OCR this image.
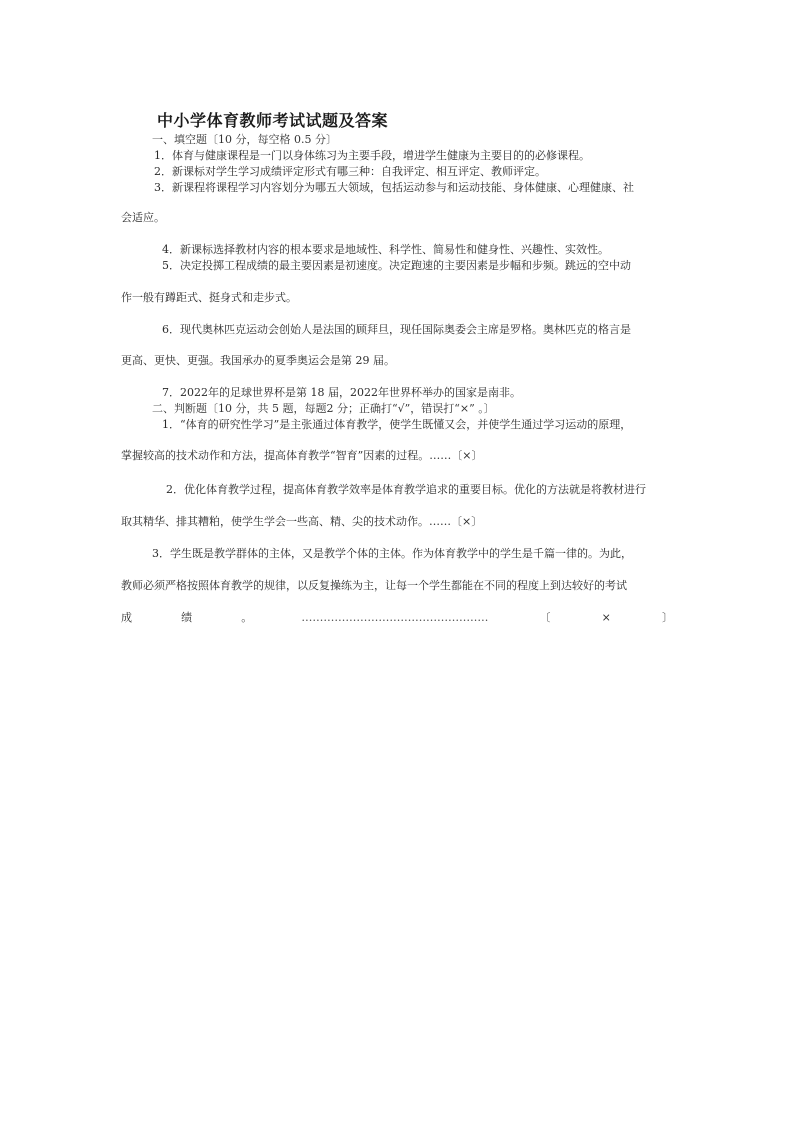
中小学体育教师考试试题及答案

一、填空题〔10 分，每空格 0.5 分〕

1．体育与健康课程是一门以身体练习为主要手段，增进学生健康为主要目的的必修课程。

2．新课标对学生学习成绩评定形式有哪三种：自我评定、相互评定、教师评定。

3．新课程将课程学习内容划分为哪五大领域，包括运动参与和运动技能、身体健康、心理健康、社

会适应。

4．新课标选择教材内容的根本要求是地域性、科学性、简易性和健身性、兴趣性、实效性。

5．决定投掷工程成绩的最主要因素是初速度。决定跑速的主要因素是步幅和步频。跳远的空中动

作一般有蹲距式、挺身式和走步式。

6．现代奥林匹克运动会创始人是法国的顾拜旦，现任国际奥委会主席是罗格。奥林匹克的格言是

更高、更快、更强。我国承办的夏季奥运会是第 29 届。

7．2022年的足球世界杯是第 18 届，2022年世界杯举办的国家是南非。

二、判断题〔10 分，共 5 题，每题2 分；正确打“√”，错误打“×” 。〕

1．“体育的研究性学习”是主张通过体育教学，使学生既懂又会，并使学生通过学习运动的原理，

掌握较高的技术动作和方法，提高体育教学“智育”因素的过程。……〔×〕

2．优化体育教学过程，提高体育教学效率是体育教学追求的重要目标。优化的方法就是将教材进行

取其精华、排其糟粕，使学生学会一些高、精、尖的技术动作。……〔×〕

3．学生既是教学群体的主体，又是教学个体的主体。作为体育教学中的学生是千篇一律的。为此，

教师必须严格按照体育教学的规律，以反复操练为主，让每一个学生都能在不同的程度上到达较好的考试

成	绩	。	……………………………………………	〔	×	〕
